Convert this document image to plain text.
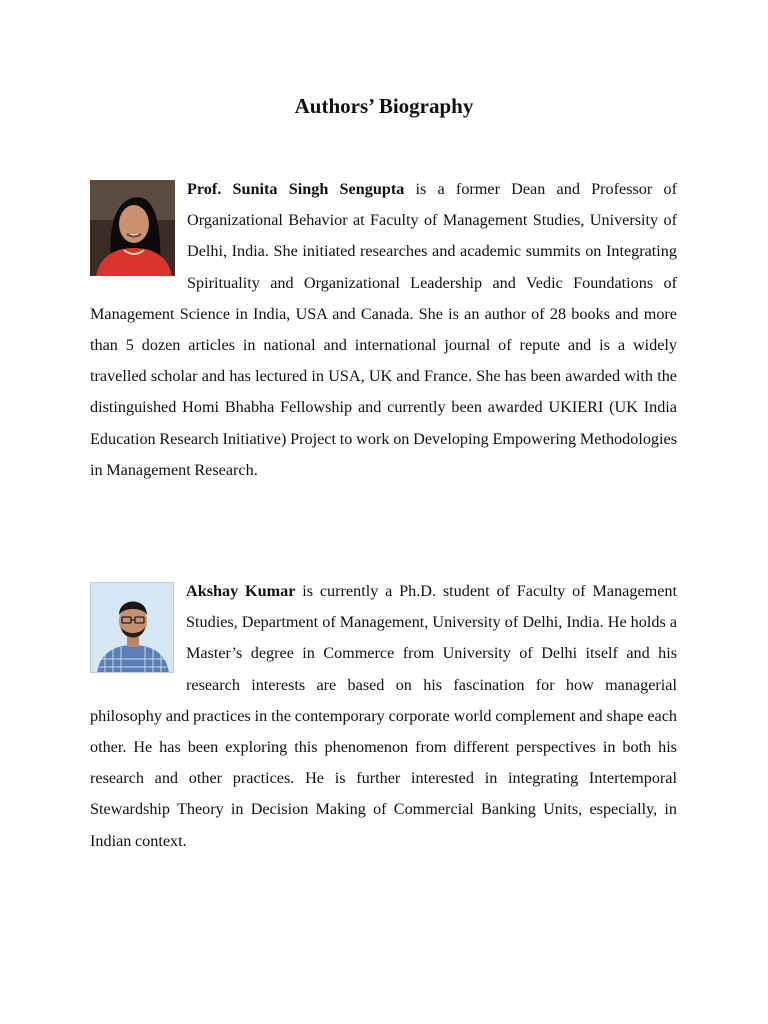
Authors’ Biography
Prof. Sunita Singh Sengupta is a former Dean and Professor of Organizational Behavior at Faculty of Management Studies, University of Delhi, India. She initiated researches and academic summits on Integrating Spirituality and Organizational Leadership and Vedic Foundations of Management Science in India, USA and Canada. She is an author of 28 books and more than 5 dozen articles in national and international journal of repute and is a widely travelled scholar and has lectured in USA, UK and France. She has been awarded with the distinguished Homi Bhabha Fellowship and currently been awarded UKIERI (UK India Education Research Initiative) Project to work on Developing Empowering Methodologies in Management Research.
Akshay Kumar is currently a Ph.D. student of Faculty of Management Studies, Department of Management, University of Delhi, India. He holds a Master’s degree in Commerce from University of Delhi itself and his research interests are based on his fascination for how managerial philosophy and practices in the contemporary corporate world complement and shape each other. He has been exploring this phenomenon from different perspectives in both his research and other practices. He is further interested in integrating Intertemporal Stewardship Theory in Decision Making of Commercial Banking Units, especially, in Indian context.
